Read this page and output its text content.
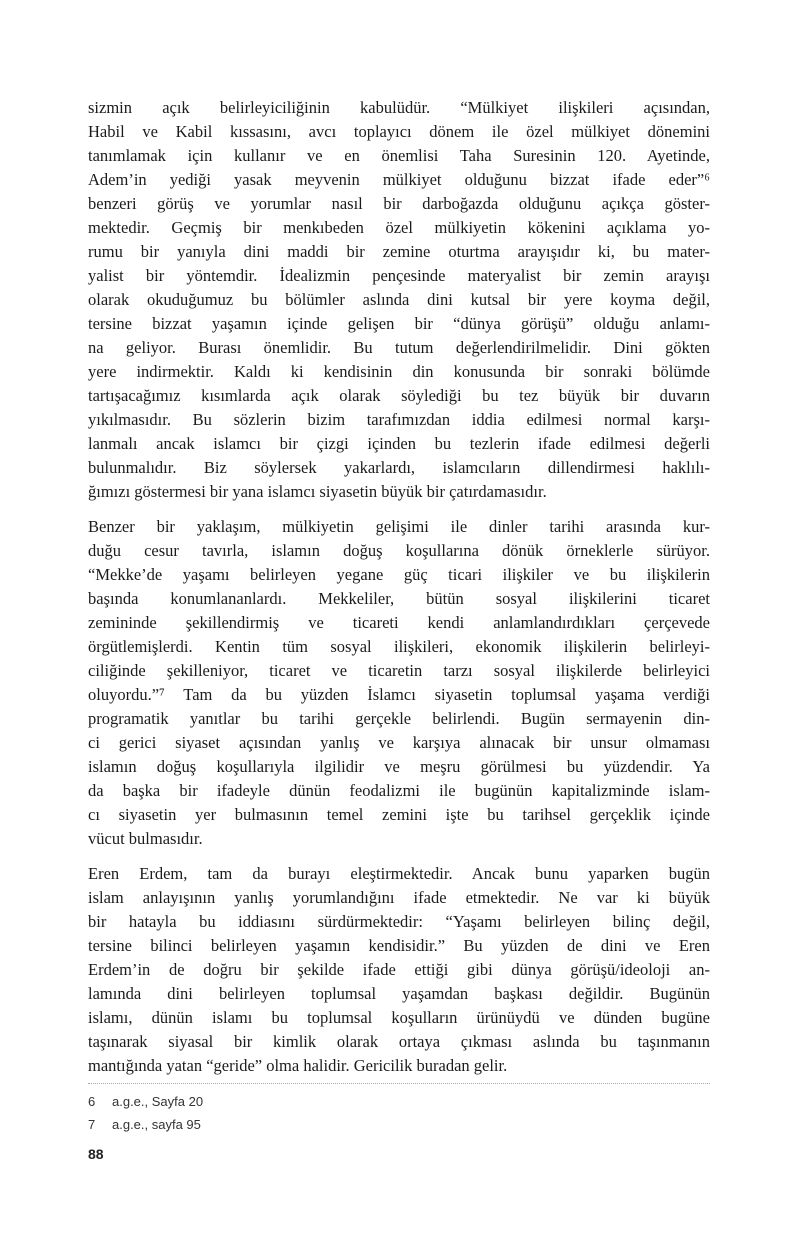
sizmin açık belirleyiciliğinin kabulüdür. “Mülkiyet ilişkileri açısından,
Habil ve Kabil kıssasını, avcı toplayıcı dönem ile özel mülkiyet dönemini
tanımlamak için kullanır ve en önemlisi Taha Suresinin 120. Ayetinde,
Adem’in yediği yasak meyvenin mülkiyet olduğunu bizzat ifade eder”⁶
benzeri görüş ve yorumlar nasıl bir darboğazda olduğunu açıkça göster-
mektedir. Geçmiş bir menkıbeden özel mülkiyetin kökenini açıklama yo-
rumu bir yanıyla dini maddi bir zemine oturtma arayışıdır ki, bu mater-
yalist bir yöntemdir. İdealizmin pençesinde materyalist bir zemin arayışı
olarak okuduğumuz bu bölümler aslında dini kutsal bir yere koyma değil,
tersine bizzat yaşamın içinde gelişen bir “dünya görüşü” olduğu anlamı-
na geliyor. Burası önemlidir. Bu tutum değerlendirilmelidir. Dini gökten
yere indirmektir. Kaldı ki kendisinin din konusunda bir sonraki bölümde
tartışacağımız kısımlarda açık olarak söylediği bu tez büyük bir duvarın
yıkılmasıdır. Bu sözlerin bizim tarafımızdan iddia edilmesi normal karşı-
lanmalı ancak islamcı bir çizgi içinden bu tezlerin ifade edilmesi değerli
bulunmalıdır. Biz söylersek yakarlardı, islamcıların dillendirmesi haklılı-
ğımızı göstermesi bir yana islamcı siyasetin büyük bir çatırdamasıdır.
Benzer bir yaklaşım, mülkiyetin gelişimi ile dinler tarihi arasında kur-
duğu cesur tavırla, islamın doğuş koşullarına dönük örneklerle sürüyor.
“Mekke’de yaşamı belirleyen yegane güç ticari ilişkiler ve bu ilişkilerin
başında konumlananlardı. Mekkeliler, bütün sosyal ilişkilerini ticaret
zemininde şekillendirmiş ve ticareti kendi anlamlandırdıkları çerçevede
örgütlemişlerdi. Kentin tüm sosyal ilişkileri, ekonomik ilişkilerin belirleyi-
ciliğinde şekilleniyor, ticaret ve ticaretin tarzı sosyal ilişkilerde belirleyici
oluyordu.”⁷ Tam da bu yüzden İslamcı siyasetin toplumsal yaşama verdiği
programatik yanıtlar bu tarihi gerçekle belirlendi. Bugün sermayenin din-
ci gerici siyaset açısından yanlış ve karşıya alınacak bir unsur olmaması
islamın doğuş koşullarıyla ilgilidir ve meşru görülmesi bu yüzdendir. Ya
da başka bir ifadeyle dünün feodalizmi ile bugünün kapitalizminde islam-
cı siyasetin yer bulmasının temel zemini işte bu tarihsel gerçeklik içinde
vücut bulmasıdır.
Eren Erdem, tam da burayı eleştirmektedir. Ancak bunu yaparken bugün
islam anlayışının yanlış yorumlandığını ifade etmektedir. Ne var ki büyük
bir hatayla bu iddiasını sürdürmektedir: “Yaşamı belirleyen bilinç değil,
tersine bilinci belirleyen yaşamın kendisidir.” Bu yüzden de dini ve Eren
Erdem’in de doğru bir şekilde ifade ettiği gibi dünya görüşü/ideoloji an-
lamında dini belirleyen toplumsal yaşamdan başkası değildir. Bugünün
islamı, dünün islamı bu toplumsal koşulların ürünüydü ve dünden bugüne
taşınarak siyasal bir kimlik olarak ortaya çıkması aslında bu taşınmanın
mantığında yatan “geride” olma halidir. Gericilik buradan gelir.
6	a.g.e., Sayfa 20
7	a.g.e., sayfa 95
88
